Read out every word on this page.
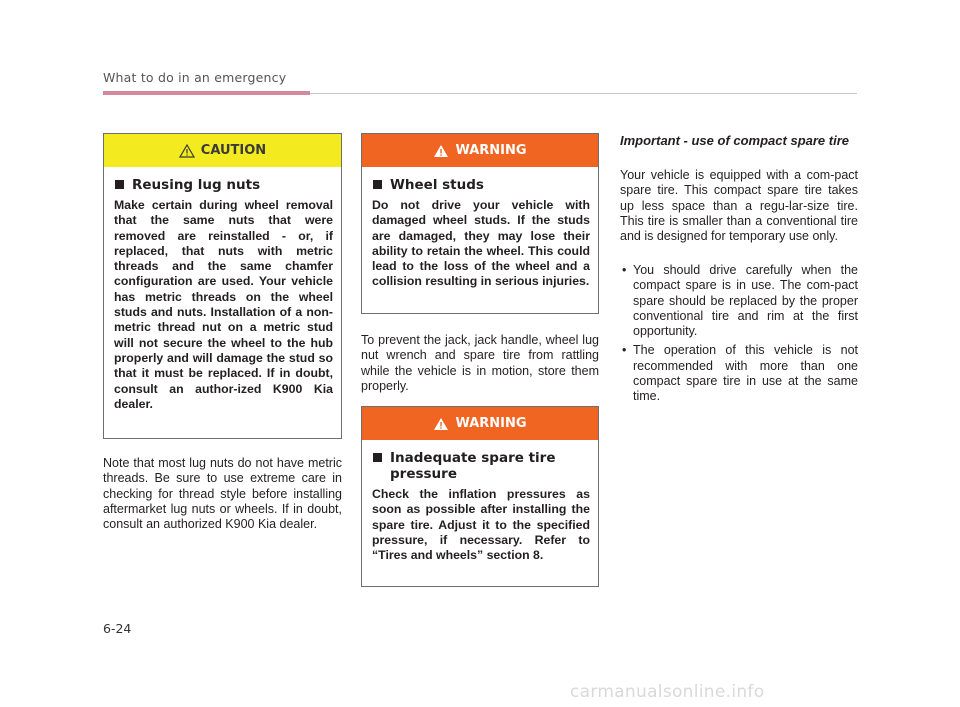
What to do in an emergency
CAUTION
Reusing lug nuts

Make certain during wheel removal that the same nuts that were removed are reinstalled - or, if replaced, that nuts with metric threads and the same chamfer configuration are used. Your vehicle has metric threads on the wheel studs and nuts. Installation of a non-metric thread nut on a metric stud will not secure the wheel to the hub properly and will damage the stud so that it must be replaced. If in doubt, consult an author-ized K900 Kia dealer.

Note that most lug nuts do not have metric threads. Be sure to use extreme care in checking for thread style before installing aftermarket lug nuts or wheels. If in doubt, consult an authorized K900 Kia dealer.

WARNING
Wheel studs

Do not drive your vehicle with damaged wheel studs. If the studs are damaged, they may lose their ability to retain the wheel. This could lead to the loss of the wheel and a collision resulting in serious injuries.

To prevent the jack, jack handle, wheel lug nut wrench and spare tire from rattling while the vehicle is in motion, store them properly.

WARNING
Inadequate spare tire pressure

Check the inflation pressures as soon as possible after installing the spare tire. Adjust it to the specified pressure, if necessary. Refer to “Tires and wheels” section 8.

Important - use of compact spare tire

Your vehicle is equipped with a com-pact spare tire. This compact spare tire takes up less space than a regu-lar-size tire. This tire is smaller than a conventional tire and is designed for temporary use only.

• You should drive carefully when the compact spare is in use. The com-pact spare should be replaced by the proper conventional tire and rim at the first opportunity.
• The operation of this vehicle is not recommended with more than one compact spare tire in use at the same time.
6-24
carmanualsonline.info
